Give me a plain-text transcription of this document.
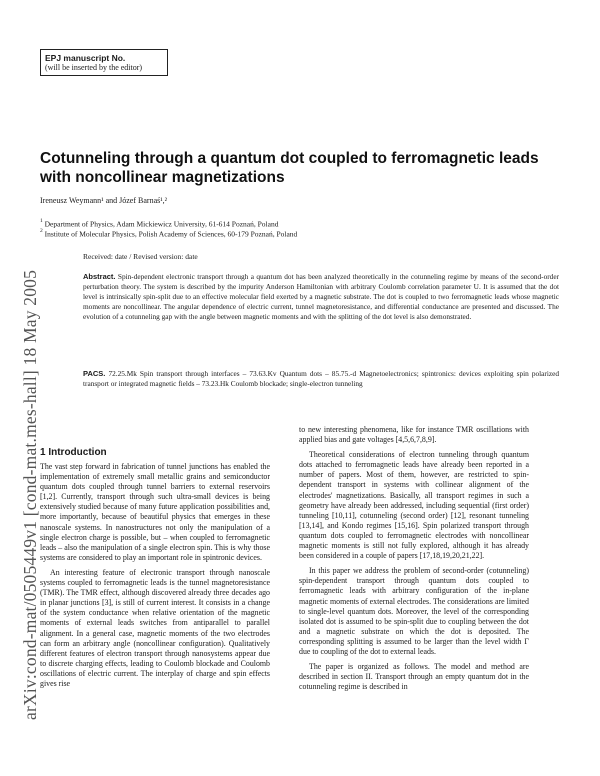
EPJ manuscript No.
(will be inserted by the editor)
arXiv:cond-mat/0505449v1 [cond-mat.mes-hall] 18 May 2005
Cotunneling through a quantum dot coupled to ferromagnetic leads with noncollinear magnetizations
Ireneusz Weymann¹ and Józef Barnaś¹,²
$^1$ Department of Physics, Adam Mickiewicz University, 61-614 Poznań, Poland
$^2$ Institute of Molecular Physics, Polish Academy of Sciences, 60-179 Poznań, Poland
Received: date / Revised version: date

Abstract. Spin-dependent electronic transport through a quantum dot has been analyzed theoretically in the cotunneling regime by means of the second-order perturbation theory. The system is described by the impurity Anderson Hamiltonian with arbitrary Coulomb correlation parameter U. It is assumed that the dot level is intrinsically spin-split due to an effective molecular field exerted by a magnetic substrate. The dot is coupled to two ferromagnetic leads whose magnetic moments are noncollinear. The angular dependence of electric current, tunnel magnetoresistance, and differential conductance are presented and discussed. The evolution of a cotunneling gap with the angle between magnetic moments and with the splitting of the dot level is also demonstrated.

PACS. 72.25.Mk Spin transport through interfaces – 73.63.Kv Quantum dots – 85.75.-d Magnetoelectronics; spintronics: devices exploiting spin polarized transport or integrated magnetic fields – 73.23.Hk Coulomb blockade; single-electron tunneling

1 Introduction

The vast step forward in fabrication of tunnel junctions has enabled the implementation of extremely small metallic grains and semiconductor quantum dots coupled through tunnel barriers to external reservoirs [1,2]. Currently, transport through such ultra-small devices is being extensively studied because of many future application possibilities and, more importantly, because of beautiful physics that emerges in these nanoscale systems. In nanostructures not only the manipulation of a single electron charge is possible, but – when coupled to ferromagnetic leads – also the manipulation of a single electron spin. This is why those systems are considered to play an important role in spintronic devices.

An interesting feature of electronic transport through nanoscale systems coupled to ferromagnetic leads is the tunnel magnetoresistance (TMR). The TMR effect, although discovered already three decades ago in planar junctions [3], is still of current interest. It consists in a change of the system conductance when relative orientation of the magnetic moments of external leads switches from antiparallel to parallel alignment. In a general case, magnetic moments of the two electrodes can form an arbitrary angle (noncollinear configuration). Qualitatively different features of electron transport through nanosystems appear due to discrete charging effects, leading to Coulomb blockade and Coulomb oscillations of electric current. The interplay of charge and spin effects gives rise

to new interesting phenomena, like for instance TMR oscillations with applied bias and gate voltages [4,5,6,7,8,9].

Theoretical considerations of electron tunneling through quantum dots attached to ferromagnetic leads have already been reported in a number of papers. Most of them, however, are restricted to spin-dependent transport in systems with collinear alignment of the electrodes' magnetizations. Basically, all transport regimes in such a geometry have already been addressed, including sequential (first order) tunneling [10,11], cotunneling (second order) [12], resonant tunneling [13,14], and Kondo regimes [15,16]. Spin polarized transport through quantum dots coupled to ferromagnetic electrodes with noncollinear magnetic moments is still not fully explored, although it has already been considered in a couple of papers [17,18,19,20,21,22].

In this paper we address the problem of second-order (cotunneling) spin-dependent transport through quantum dots coupled to ferromagnetic leads with arbitrary configuration of the in-plane magnetic moments of external electrodes. The considerations are limited to single-level quantum dots. Moreover, the level of the corresponding isolated dot is assumed to be spin-split due to coupling between the dot and a magnetic substrate on which the dot is deposited. The corresponding splitting is assumed to be larger than the level width Γ due to coupling of the dot to external leads.

The paper is organized as follows. The model and method are described in section II. Transport through an empty quantum dot in the cotunneling regime is described in
